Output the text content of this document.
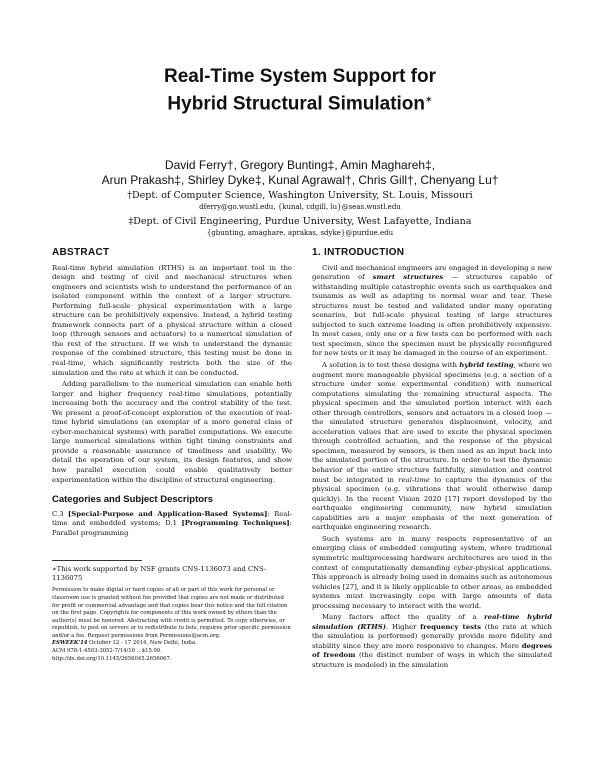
Real-Time System Support for
Hybrid Structural Simulation∗
David Ferry†, Gregory Bunting‡, Amin Maghareh‡,
Arun Prakash‡, Shirley Dyke‡, Kunal Agrawal†, Chris Gill†, Chenyang Lu†
†Dept. of Computer Science, Washington University, St. Louis, Missouri
dferry@go.wustl.edu, {kunal, cdgill, lu}@seas.wustl.edu
‡Dept. of Civil Engineering, Purdue University, West Lafayette, Indiana
{gbunting, amaghare, aprakas, sdyke}@purdue.edu
ABSTRACT

Real-time hybrid simulation (RTHS) is an important tool in the design and testing of civil and mechanical structures when engineers and scientists wish to understand the performance of an isolated component within the context of a larger structure. Performing full-scale physical experimentation with a large structure can be prohibitively expensive. Instead, a hybrid testing framework connects part of a physical structure within a closed loop (through sensors and actuators) to a numerical simulation of the rest of the structure. If we wish to understand the dynamic response of the combined structure, this testing must be done in real-time, which significantly restricts both the size of the simulation and the rate at which it can be conducted.

Adding parallelism to the numerical simulation can enable both larger and higher frequency real-time simulations, potentially increasing both the accuracy and the control stability of the test. We present a proof-of-concept exploration of the execution of real-time hybrid simulations (an exemplar of a more general class of cyber-mechanical systems) with parallel computations. We execute large numerical simulations within tight timing constraints and provide a reasonable assurance of timeliness and usability. We detail the operation of our system, its design features, and show how parallel execution could enable qualitatively better experimentation within the discipline of structural engineering.

Categories and Subject Descriptors

C.3 [Special-Purpose and Application-Based Systems]: Real-time and embedded systems; D.1 [Programming Techniques]: Parallel programming

∗This work supported by NSF grants CNS-1136073 and CNS-1136075
Permission to make digital or hard copies of all or part of this work for personal or classroom use is granted without fee provided that copies are not made or distributed for profit or commercial advantage and that copies bear this notice and the full citation on the first page. Copyrights for components of this work owned by others than the author(s) must be honored. Abstracting with credit is permitted. To copy otherwise, or republish, to post on servers or to redistribute to lists, requires prior specific permission and/or a fee. Request permissions from Permissions@acm.org.
ESWEEK'14 October 12 - 17 2014, New Delhi, India.
ACM 978-1-4503-3052-7/14/10 ...$15.00.
http://dx.doi.org/10.1145/2656045.2656067.
1. INTRODUCTION

Civil and mechanical engineers are engaged in developing a new generation of smart structures — structures capable of withstanding multiple catastrophic events such as earthquakes and tsunamis as well as adapting to normal wear and tear. These structures must be tested and validated under many operating scenarios, but full-scale physical testing of large structures subjected to such extreme loading is often prohibitively expensive. In most cases, only one or a few tests can be performed with each test specimen, since the specimen must be physically reconfigured for new tests or it may be damaged in the course of an experiment.

A solution is to test these designs with hybrid testing, where we augment more manageable physical specimens (e.g. a section of a structure under some experimental condition) with numerical computations simulating the remaining structural aspects. The physical specimen and the simulated portion interact with each other through controllers, sensors and actuators in a closed loop — the simulated structure generates displacement, velocity, and acceleration values that are used to excite the physical specimen through controlled actuation, and the response of the physical specimen, measured by sensors, is then used as an input back into the simulated portion of the structure. In order to test the dynamic behavior of the entire structure faithfully, simulation and control must be integrated in real-time to capture the dynamics of the physical specimen (e.g. vibrations that would otherwise damp quickly). In the recent Vision 2020 [17] report developed by the earthquake engineering community, new hybrid simulation capabilities are a major emphasis of the next generation of earthquake engineering research.

Such systems are in many respects representative of an emerging class of embedded computing system, where traditional symmetric multiprocessing hardware architectures are used in the context of computationally demanding cyber-physical applications. This approach is already being used in domains such as autonomous vehicles [27], and it is likely applicable to other areas, as embedded systems must increasingly cope with large amounts of data processing necessary to interact with the world.

Many factors affect the quality of a real-time hybrid simulation (RTHS). Higher frequency tests (the rate at which the simulation is performed) generally provide more fidelity and stability since they are more responsive to changes. More degrees of freedom (the distinct number of ways in which the simulated structure is modeled) in the simulation
